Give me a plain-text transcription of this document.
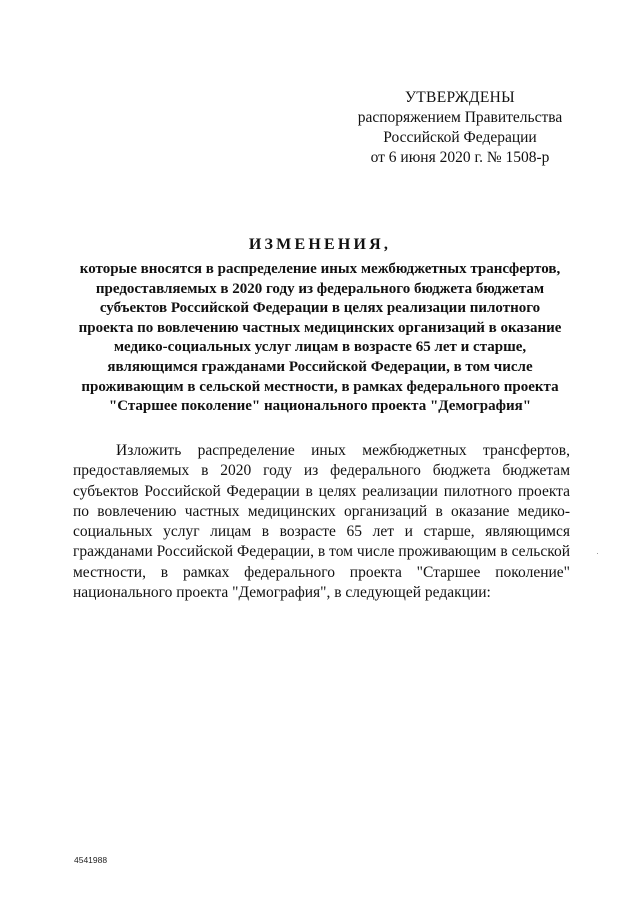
УТВЕРЖДЕНЫ
распоряжением Правительства
Российской Федерации
от 6 июня 2020 г. № 1508-р
ИЗМЕНЕНИЯ,
которые вносятся в распределение иных межбюджетных трансфертов,
предоставляемых в 2020 году из федерального бюджета бюджетам
субъектов Российской Федерации в целях реализации пилотного
проекта по вовлечению частных медицинских организаций в оказание
медико-социальных услуг лицам в возрасте 65 лет и старше,
являющимся гражданами Российской Федерации, в том числе
проживающим в сельской местности, в рамках федерального проекта
"Старшее поколение" национального проекта "Демография"
Изложить распределение иных межбюджетных трансфертов,
предоставляемых в 2020 году из федерального бюджета бюджетам
субъектов Российской Федерации в целях реализации пилотного проекта
по вовлечению частных медицинских организаций в оказание медико-
социальных услуг лицам в возрасте 65 лет и старше, являющимся
гражданами Российской Федерации, в том числе проживающим в сельской
местности, в рамках федерального проекта "Старшее поколение"
национального проекта "Демография", в следующей редакции:
4541988
